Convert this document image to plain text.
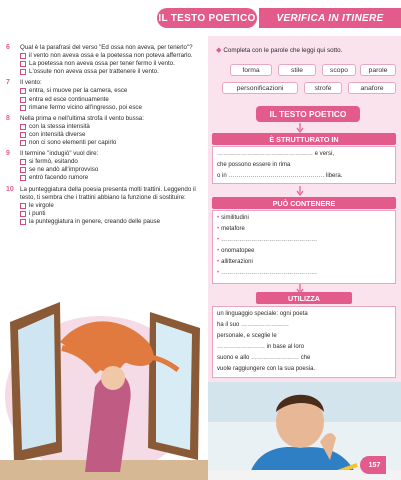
IL TESTO POETICO	VERIFICA IN ITINERE
6 Qual è la parafrasi del verso "Ed ossa non aveva, per tenerlo"?
il vento non aveva ossa e la poetessa non poteva afferrarlo.
La poetessa non aveva ossa per tener fermo il vento.
L'ossute non aveva ossa per trattenere il vento.
7 Il vento:
entra, si muove per la camera, esce
entra ed esce continuamente
rimane fermo vicino all'ingresso, poi esce
8 Nella prima e nell'ultima strofa il vento bussa:
con la stessa intensità
con intensità diverse
non ci sono elementi per capirlo
9 Il termine "indugiò" vuol dire:
si fermò, esitando
se ne andò all'improvviso
entrò facendo rumore
10 La punteggiatura della poesia presenta molti trattini. Leggendo il testo, ti sembra che i trattini abbiano la funzione di sostituire:
le virgole
i punti
la punteggiatura in genere, creando delle pause
◆ Completa con le parole che leggi qui sotto.
forma	stile	scopo	parole
personificazioni	strofe	anafore
IL TESTO POETICO
È STRUTTURATO IN
………………………………………… e versi,
che possono essere in rima
o in ………………………………………… libera.
PUÒ CONTENERE
• similitudini
• metafore
• …………………………………………
• onomatopee
• allitterazioni
• …………………………………………
UTILIZZA
un linguaggio speciale: ogni poeta
ha il suo ……………………
personale, e sceglie le
…………………… in base al loro
suono e allo …………………… che
vuole raggiungere con la sua poesia.
157
